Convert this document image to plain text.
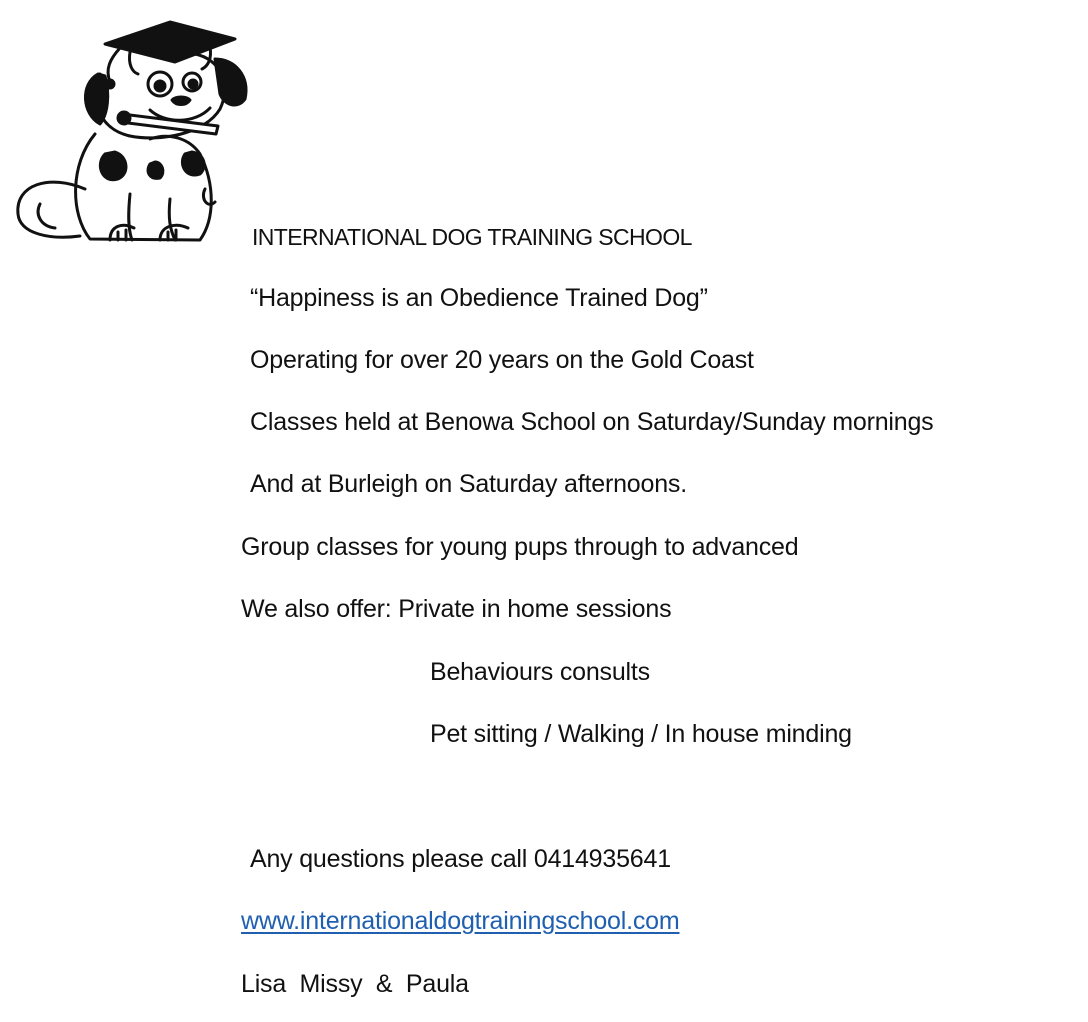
INTERNATIONAL DOG TRAINING SCHOOL
“Happiness is an Obedience Trained Dog”
Operating for over 20 years on the Gold Coast
Classes held at Benowa School on Saturday/Sunday mornings
And at Burleigh on Saturday afternoons.
Group classes for young pups through to advanced
We also offer: Private in home sessions
Behaviours consults
Pet sitting / Walking / In house minding
Any questions please call 0414935641
www.internationaldogtrainingschool.com
Lisa  Missy  &  Paula
